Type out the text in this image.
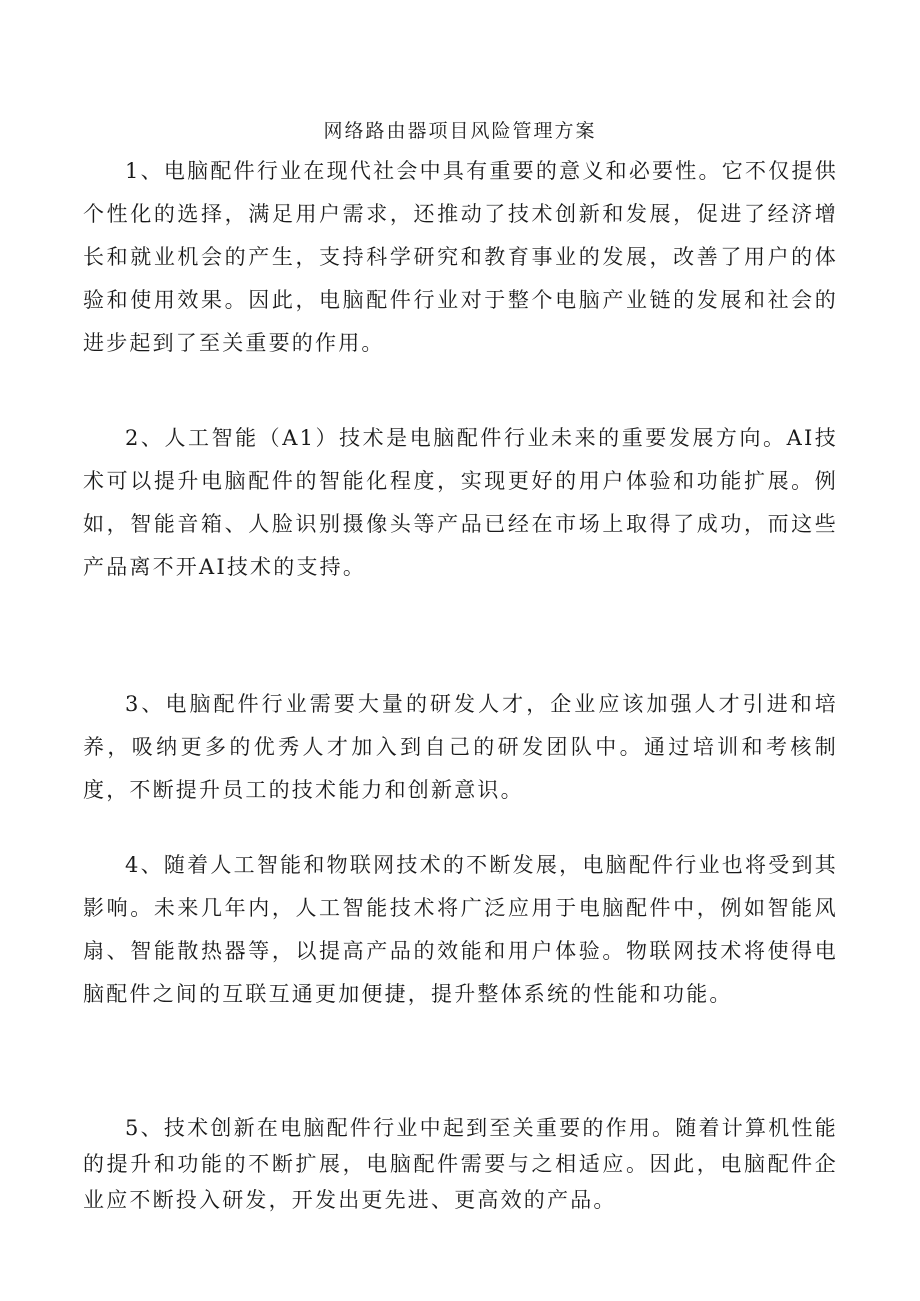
网络路由器项目风险管理方案

1、电脑配件行业在现代社会中具有重要的意义和必要性。它不仅提供个性化的选择，满足用户需求，还推动了技术创新和发展，促进了经济增长和就业机会的产生，支持科学研究和教育事业的发展，改善了用户的体验和使用效果。因此，电脑配件行业对于整个电脑产业链的发展和社会的进步起到了至关重要的作用。

2、人工智能（A1）技术是电脑配件行业未来的重要发展方向。AI技术可以提升电脑配件的智能化程度，实现更好的用户体验和功能扩展。例如，智能音箱、人脸识别摄像头等产品已经在市场上取得了成功，而这些产品离不开AI技术的支持。

3、电脑配件行业需要大量的研发人才，企业应该加强人才引进和培养，吸纳更多的优秀人才加入到自己的研发团队中。通过培训和考核制度，不断提升员工的技术能力和创新意识。

4、随着人工智能和物联网技术的不断发展，电脑配件行业也将受到其影响。未来几年内，人工智能技术将广泛应用于电脑配件中，例如智能风扇、智能散热器等，以提高产品的效能和用户体验。物联网技术将使得电脑配件之间的互联互通更加便捷，提升整体系统的性能和功能。

5、技术创新在电脑配件行业中起到至关重要的作用。随着计算机性能的提升和功能的不断扩展，电脑配件需要与之相适应。因此，电脑配件企业应不断投入研发，开发出更先进、更高效的产品。
